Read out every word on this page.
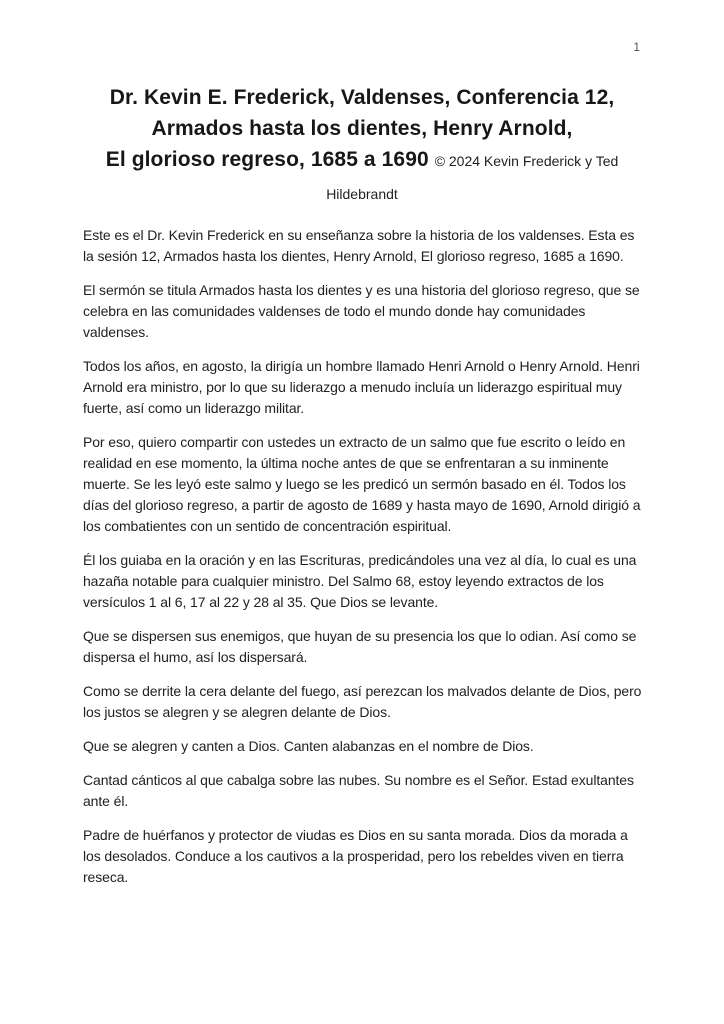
1
Dr. Kevin E. Frederick, Valdenses, Conferencia 12,
Armados hasta los dientes, Henry Arnold,
El glorioso regreso, 1685 a 1690 © 2024 Kevin Frederick y Ted
Hildebrandt

Este es el Dr. Kevin Frederick en su enseñanza sobre la historia de los valdenses. Esta es la sesión 12, Armados hasta los dientes, Henry Arnold, El glorioso regreso, 1685 a 1690.

El sermón se titula Armados hasta los dientes y es una historia del glorioso regreso, que se celebra en las comunidades valdenses de todo el mundo donde hay comunidades valdenses.

Todos los años, en agosto, la dirigía un hombre llamado Henri Arnold o Henry Arnold. Henri Arnold era ministro, por lo que su liderazgo a menudo incluía un liderazgo espiritual muy fuerte, así como un liderazgo militar.

Por eso, quiero compartir con ustedes un extracto de un salmo que fue escrito o leído en realidad en ese momento, la última noche antes de que se enfrentaran a su inminente muerte. Se les leyó este salmo y luego se les predicó un sermón basado en él. Todos los días del glorioso regreso, a partir de agosto de 1689 y hasta mayo de 1690, Arnold dirigió a los combatientes con un sentido de concentración espiritual.

Él los guiaba en la oración y en las Escrituras, predicándoles una vez al día, lo cual es una hazaña notable para cualquier ministro. Del Salmo 68, estoy leyendo extractos de los versículos 1 al 6, 17 al 22 y 28 al 35. Que Dios se levante.

Que se dispersen sus enemigos, que huyan de su presencia los que lo odian. Así como se dispersa el humo, así los dispersará.

Como se derrite la cera delante del fuego, así perezcan los malvados delante de Dios, pero los justos se alegren y se alegren delante de Dios.

Que se alegren y canten a Dios. Canten alabanzas en el nombre de Dios.

Cantad cánticos al que cabalga sobre las nubes. Su nombre es el Señor. Estad exultantes ante él.

Padre de huérfanos y protector de viudas es Dios en su santa morada. Dios da morada a los desolados. Conduce a los cautivos a la prosperidad, pero los rebeldes viven en tierra reseca.
